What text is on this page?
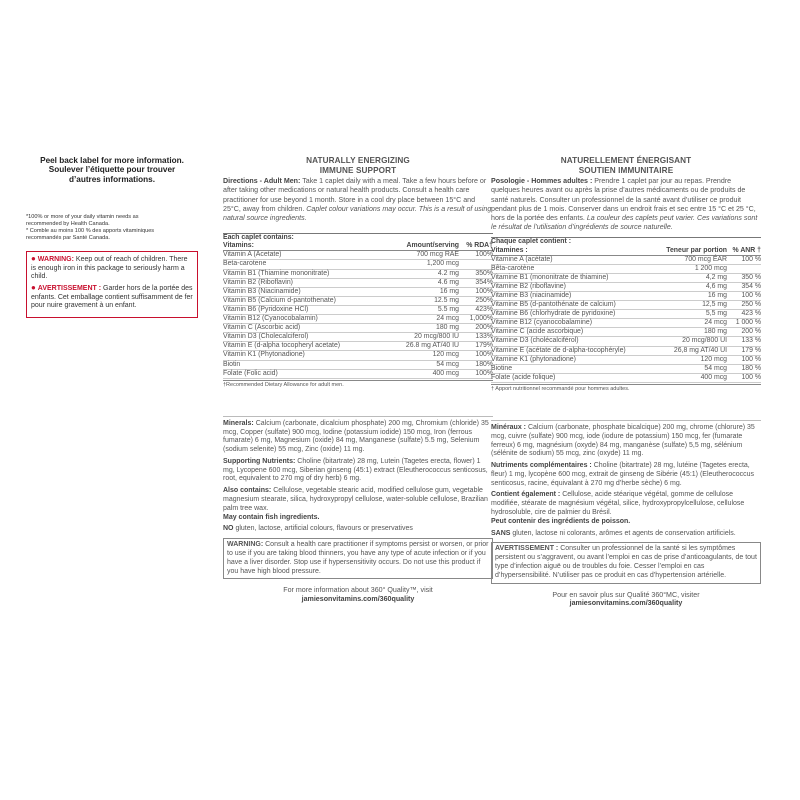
Peel back label for more information.

Soulever l’étiquette pour trouver

d’autres informations.

*100% or more of your daily vitamin needs as
recommended by Health Canada.
* Comble au moins 100 % des apports vitaminiques
recommandés par Santé Canada.

● WARNING: Keep out of reach of children. There is enough iron in this package to seriously harm a child.

● AVERTISSEMENT : Garder hors de la portée des enfants. Cet emballage contient suffisamment de fer pour nuire gravement à un enfant.

NATURALLY ENERGIZING
IMMUNE SUPPORT
Directions - Adult Men: Take 1 caplet daily with a meal. Take a few hours before or after taking other medications or natural health products. Consult a health care practitioner for use beyond 1 month. Store in a cool dry place between 15°C and 25°C, away from children. Caplet colour variations may occur. This is a result of using natural source ingredients.
Each caplet contains:		
Vitamins:	Amount/serving	% RDA†
Vitamin A (Acetate)	700 mcg RAE	100%
Beta-carotene	1,200 mcg	
Vitamin B1 (Thiamine mononitrate)	4.2 mg	350%
Vitamin B2 (Riboflavin)	4.6 mg	354%
Vitamin B3 (Niacinamide)	16 mg	100%
Vitamin B5 (Calcium d-pantothenate)	12.5 mg	250%
Vitamin B6 (Pyridoxine HCl)	5.5 mg	423%
Vitamin B12 (Cyanocobalamin)	24 mcg	1,000%
Vitamin C (Ascorbic acid)	180 mg	200%
Vitamin D3 (Cholecalciferol)	20 mcg/800 IU	133%
Vitamin E (d-alpha tocopheryl acetate)	26.8 mg AT/40 IU	179%
Vitamin K1 (Phytonadione)	120 mcg	100%
Biotin	54 mcg	180%
Folate (Folic acid)	400 mcg	100%
†Recommended Dietary Allowance for adult men.

Minerals: Calcium (carbonate, dicalcium phosphate) 200 mg, Chromium (chloride) 35 mcg, Copper (sulfate) 900 mcg, Iodine (potassium iodide) 150 mcg, Iron (ferrous fumarate) 6 mg, Magnesium (oxide) 84 mg, Manganese (sulfate) 5.5 mg, Selenium (sodium selenite) 55 mcg, Zinc (oxide) 11 mg.

Supporting Nutrients: Choline (bitartrate) 28 mg, Lutein (Tagetes erecta, flower) 1 mg, Lycopene 600 mcg, Siberian ginseng (45:1) extract (Eleutherococcus senticosus, root, equivalent to 270 mg of dry herb) 6 mg.

Also contains: Cellulose, vegetable stearic acid, modified cellulose gum, vegetable magnesium stearate, silica, hydroxypropyl cellulose, water-soluble cellulose, Brazilian palm tree wax.

May contain fish ingredients.

NO gluten, lactose, artificial colours, flavours or preservatives

WARNING: Consult a health care practitioner if symptoms persist or worsen, or prior to use if you are taking blood thinners, you have any type of acute infection or if you have a liver disorder. Stop use if hypersensitivity occurs. Do not use this product if you have high blood pressure.
For more information about 360° Quality™, visit
jamiesonvitamins.com/360quality
NATURELLEMENT ÉNERGISANT
SOUTIEN IMMUNITAIRE
Posologie - Hommes adultes : Prendre 1 caplet par jour au repas. Prendre quelques heures avant ou après la prise d’autres médicaments ou de produits de santé naturels. Consulter un professionnel de la santé avant d’utiliser ce produit pendant plus de 1 mois. Conserver dans un endroit frais et sec entre 15 °C et 25 °C, hors de la portée des enfants. La couleur des caplets peut varier. Ces variations sont le résultat de l’utilisation d’ingrédients de source naturelle.
Chaque caplet contient :		
Vitamines :	Teneur par portion	% ANR †
Vitamine A (acétate)	700 mcg ÉAR	100 %
Bêta-carotène	1 200 mcg	
Vitamine B1 (mononitrate de thiamine)	4,2 mg	350 %
Vitamine B2 (riboflavine)	4,6 mg	354 %
Vitamine B3 (niacinamide)	16 mg	100 %
Vitamine B5 (d-pantothénate de calcium)	12,5 mg	250 %
Vitamine B6 (chlorhydrate de pyridoxine)	5,5 mg	423 %
Vitamine B12 (cyanocobalamine)	24 mcg	1 000 %
Vitamine C (acide ascorbique)	180 mg	200 %
Vitamine D3 (cholécalciférol)	20 mcg/800 UI	133 %
Vitamine E (acétate de d-alpha-tocophéryle)	26,8 mg AT/40 UI	179 %
Vitamine K1 (phytonadione)	120 mcg	100 %
Biotine	54 mcg	180 %
Folate (acide folique)	400 mcg	100 %
† Apport nutritionnel recommandé pour hommes adultes.

Minéraux : Calcium (carbonate, phosphate bicalcique) 200 mg, chrome (chlorure) 35 mcg, cuivre (sulfate) 900 mcg, iode (iodure de potassium) 150 mcg, fer (fumarate ferreux) 6 mg, magnésium (oxyde) 84 mg, manganèse (sulfate) 5,5 mg, sélénium (sélénite de sodium) 55 mcg, zinc (oxyde) 11 mg.

Nutriments complémentaires : Choline (bitartrate) 28 mg, lutéine (Tagetes erecta, fleur) 1 mg, lycopène 600 mcg, extrait de ginseng de Sibérie (45:1) (Eleutherococcus senticosus, racine, équivalant à 270 mg d’herbe sèche) 6 mg.

Contient également : Cellulose, acide stéarique végétal, gomme de cellulose modifiée, stéarate de magnésium végétal, silice, hydroxypropylcellulose, cellulose hydrosoluble, cire de palmier du Brésil.

Peut contenir des ingrédients de poisson.

SANS gluten, lactose ni colorants, arômes et agents de conservation artificiels.

AVERTISSEMENT : Consulter un professionnel de la santé si les symptômes persistent ou s’aggravent, ou avant l’emploi en cas de prise d’anticoagulants, de tout type d’infection aiguë ou de troubles du foie. Cesser l’emploi en cas d’hypersensibilité. N’utiliser pas ce produit en cas d’hypertension artérielle.
Pour en savoir plus sur Qualité 360°MC, visiter
jamiesonvitamins.com/360quality
